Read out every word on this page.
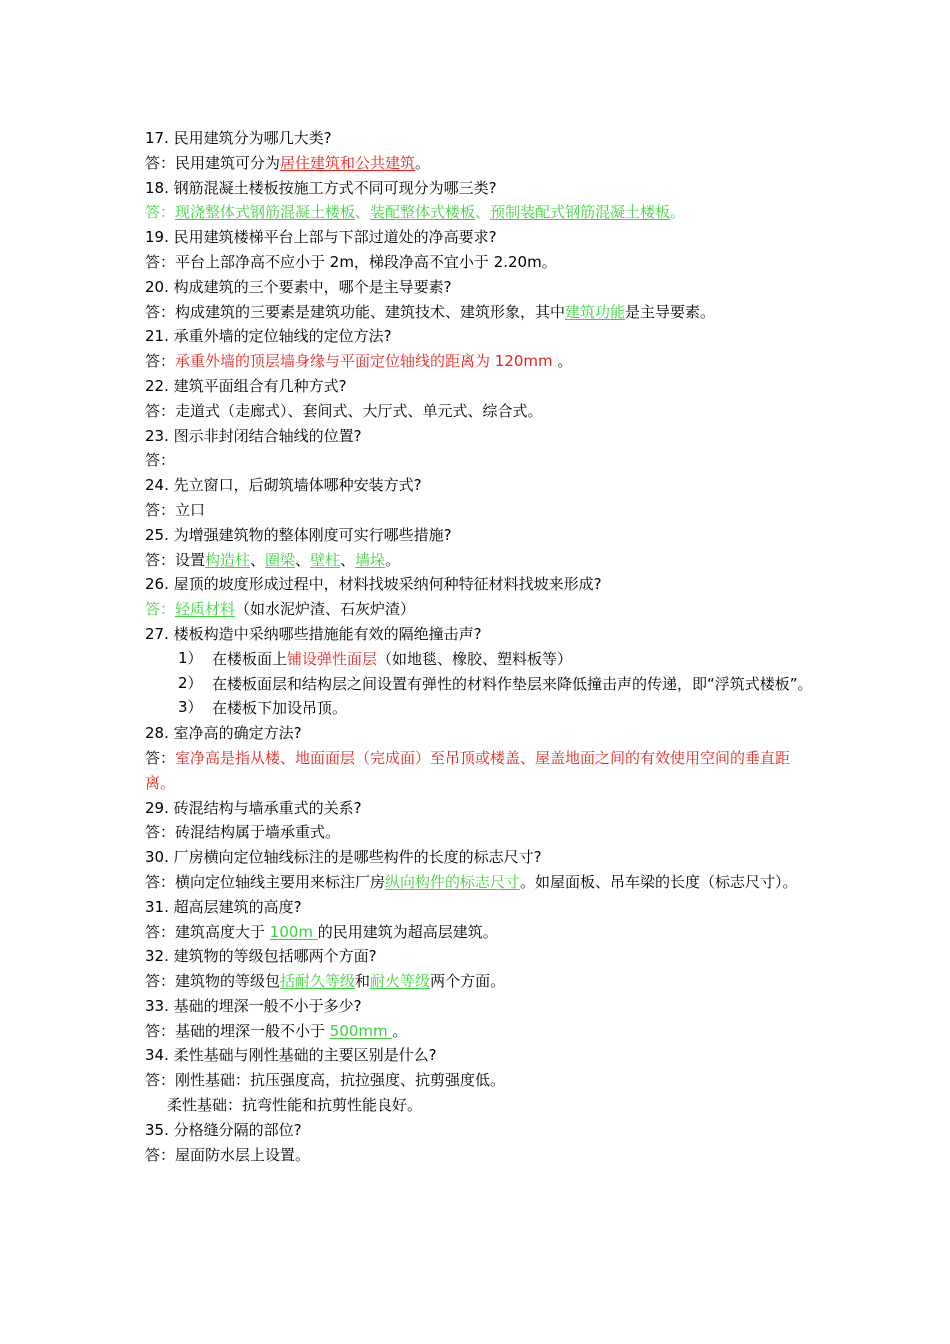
17. 民用建筑分为哪几大类?
答：民用建筑可分为居住建筑和公共建筑。
18. 钢筋混凝土楼板按施工方式不同可现分为哪三类?
答：现浇整体式钢筋混凝土楼板、装配整体式楼板、预制装配式钢筋混凝土楼板。
19. 民用建筑楼梯平台上部与下部过道处的净高要求?
答：平台上部净高不应小于 2m，梯段净高不宜小于 2.20m。
20. 构成建筑的三个要素中，哪个是主导要素?
答：构成建筑的三要素是建筑功能、建筑技术、建筑形象，其中建筑功能是主导要素。
21. 承重外墙的定位轴线的定位方法?
答：承重外墙的顶层墙身缘与平面定位轴线的距离为 120mm 。
22. 建筑平面组合有几种方式?
答：走道式（走廊式）、套间式、大厅式、单元式、综合式。
23. 图示非封闭结合轴线的位置?
答：
24. 先立窗口，后砌筑墙体哪种安装方式?
答：立口
25. 为增强建筑物的整体刚度可实行哪些措施?
答：设置构造柱、圈梁、壁柱、墙垛。
26. 屋顶的坡度形成过程中，材料找坡采纳何种特征材料找坡来形成?
答：轻质材料（如水泥炉渣、石灰炉渣）
27. 楼板构造中采纳哪些措施能有效的隔绝撞击声?
1） 在楼板面上铺设弹性面层（如地毯、橡胶、塑料板等）
2） 在楼板面层和结构层之间设置有弹性的材料作垫层来降低撞击声的传递，即“浮筑式楼板”。
3） 在楼板下加设吊顶。
28. 室净高的确定方法?
答：室净高是指从楼、地面面层（完成面）至吊顶或楼盖、屋盖地面之间的有效使用空间的垂直距离。
29. 砖混结构与墙承重式的关系?
答：砖混结构属于墙承重式。
30. 厂房横向定位轴线标注的是哪些构件的长度的标志尺寸?
答：横向定位轴线主要用来标注厂房纵向构件的标志尺寸。如屋面板、吊车梁的长度（标志尺寸）。
31. 超高层建筑的高度?
答：建筑高度大于 100m 的民用建筑为超高层建筑。
32. 建筑物的等级包括哪两个方面?
答：建筑物的等级包括耐久等级和耐火等级两个方面。
33. 基础的埋深一般不小于多少?
答：基础的埋深一般不小于 500mm 。
34. 柔性基础与刚性基础的主要区别是什么?
答：刚性基础：抗压强度高，抗拉强度、抗剪强度低。
柔性基础：抗弯性能和抗剪性能良好。
35. 分格缝分隔的部位?
答：屋面防水层上设置。
